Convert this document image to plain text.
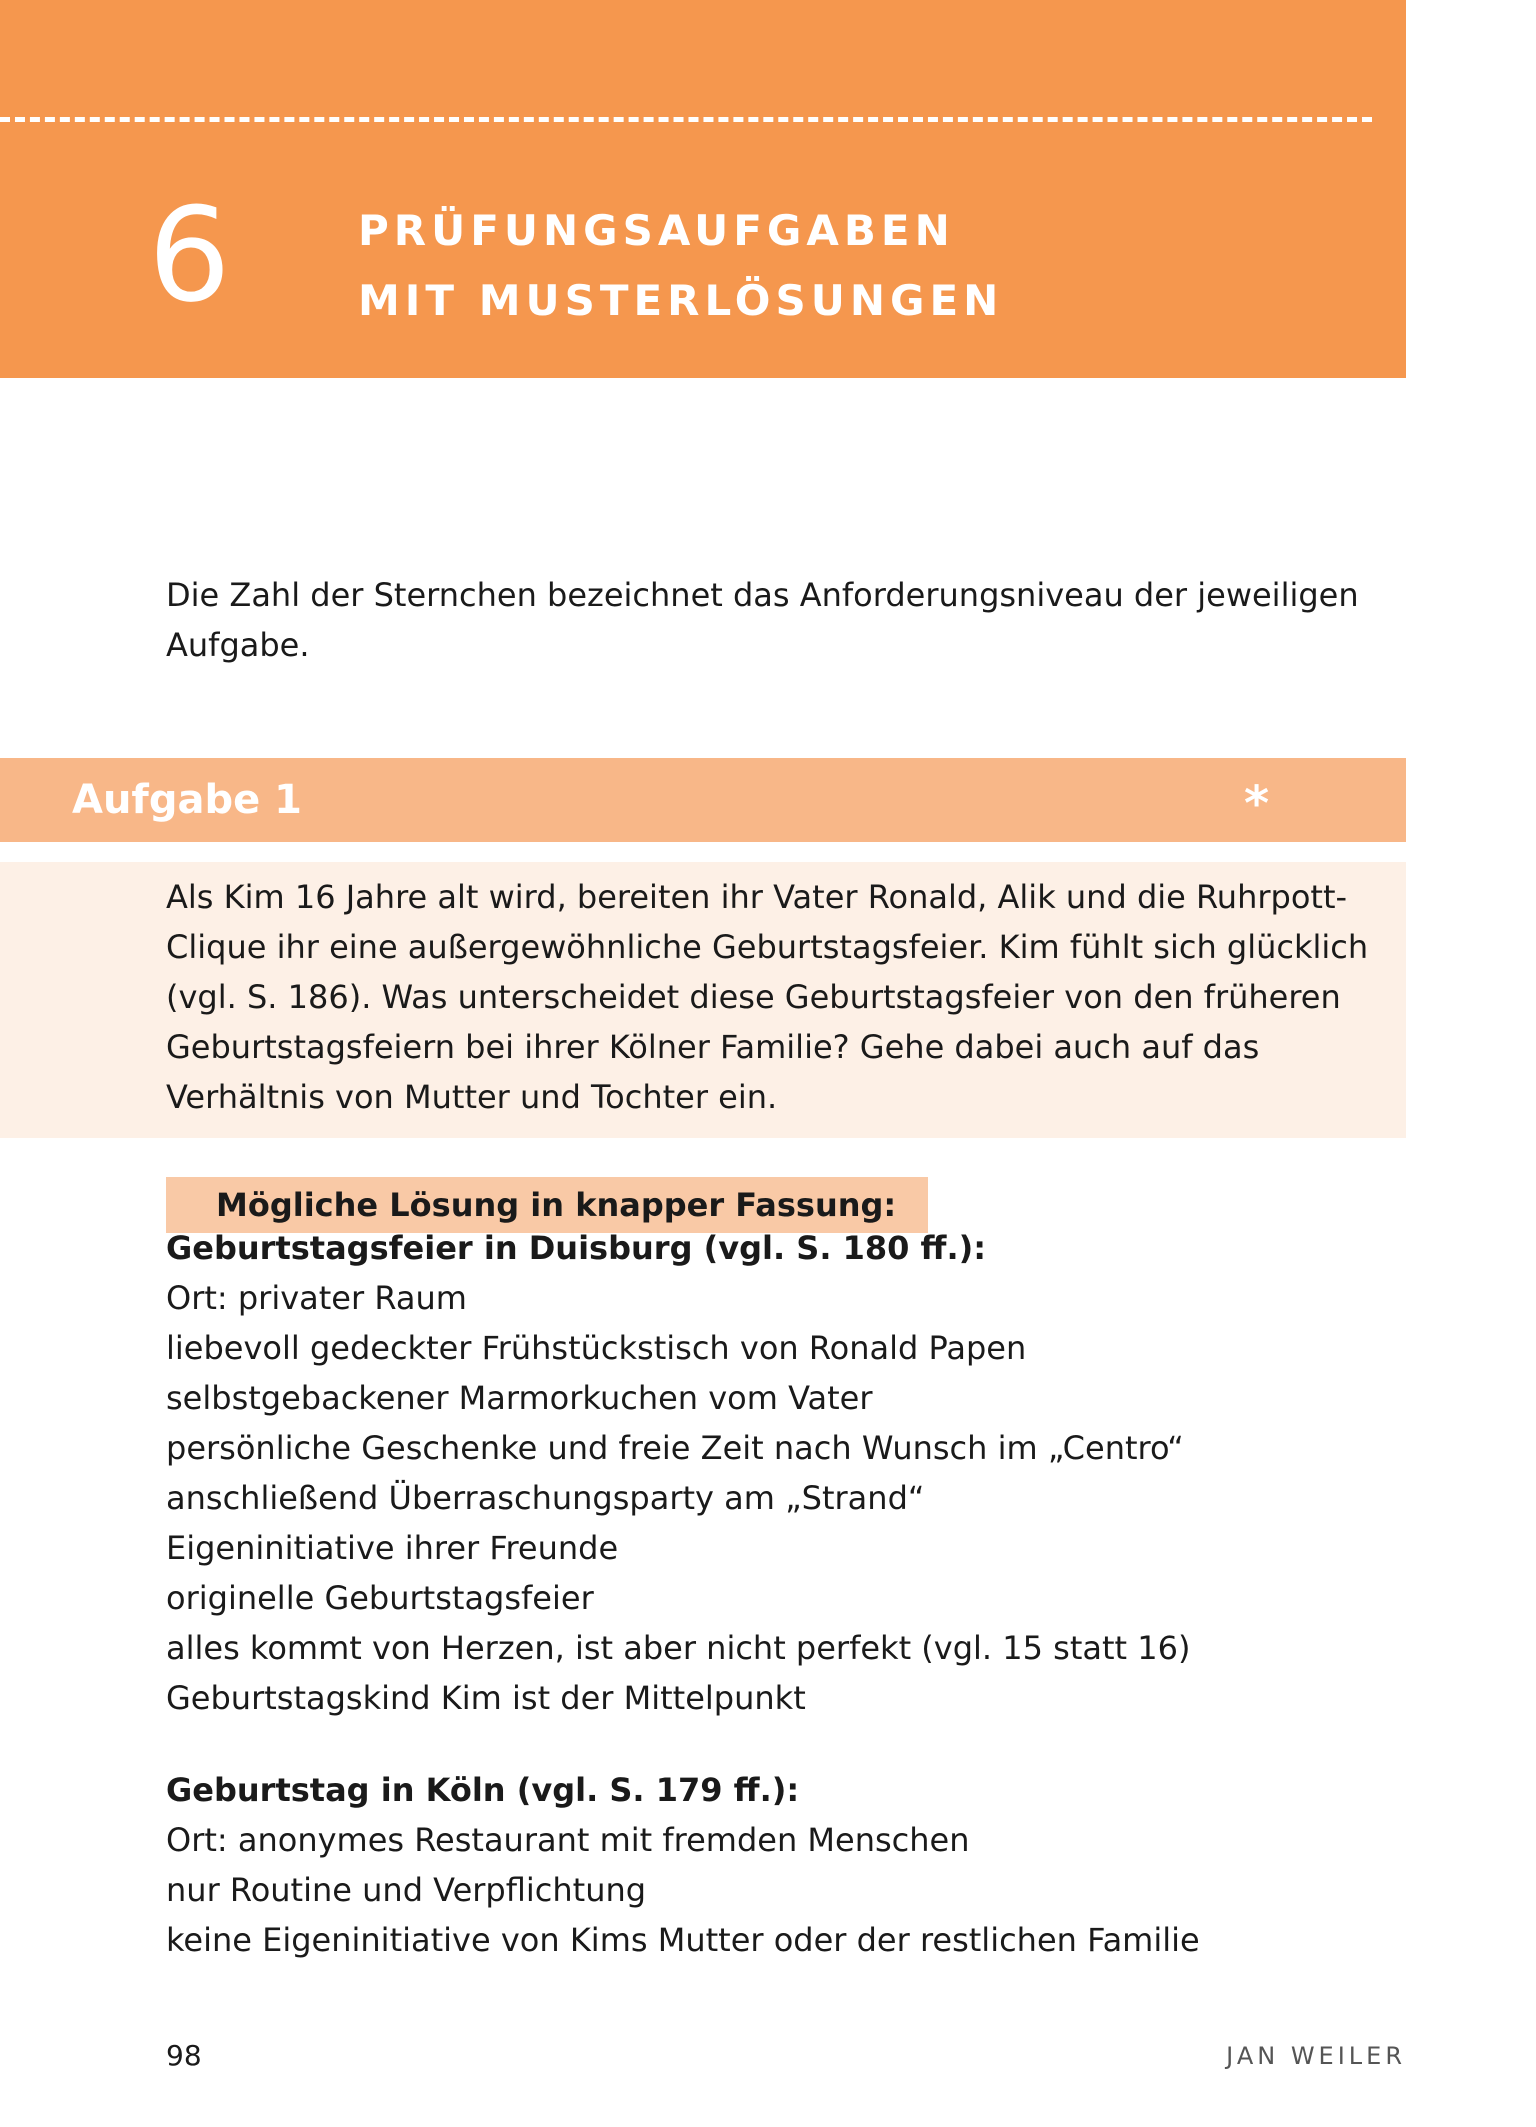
6	PRÜFUNGSAUFGABEN
MIT MUSTERLÖSUNGEN

Die Zahl der Sternchen bezeichnet das Anforderungsniveau der jeweiligen Aufgabe.

Aufgabe 1	*

Als Kim 16 Jahre alt wird, bereiten ihr Vater Ronald, Alik und die Ruhrpott-Clique ihr eine außergewöhnliche Geburtstagsfeier. Kim fühlt sich glücklich (vgl. S. 186). Was unterscheidet diese Geburtstagsfeier von den früheren Geburtstagsfeiern bei ihrer Kölner Familie? Gehe dabei auch auf das Verhältnis von Mutter und Tochter ein.

Mögliche Lösung in knapper Fassung:

Geburtstagsfeier in Duisburg (vgl. S. 180 ff.):

Ort: privater Raum
liebevoll gedeckter Frühstückstisch von Ronald Papen
selbstgebackener Marmorkuchen vom Vater
persönliche Geschenke und freie Zeit nach Wunsch im „Centro“
anschließend Überraschungsparty am „Strand“
Eigeninitiative ihrer Freunde
originelle Geburtstagsfeier
alles kommt von Herzen, ist aber nicht perfekt (vgl. 15 statt 16)
Geburtstagskind Kim ist der Mittelpunkt

Geburtstag in Köln (vgl. S. 179 ff.):

Ort: anonymes Restaurant mit fremden Menschen
nur Routine und Verpflichtung
keine Eigeninitiative von Kims Mutter oder der restlichen Familie
98	JAN WEILER
